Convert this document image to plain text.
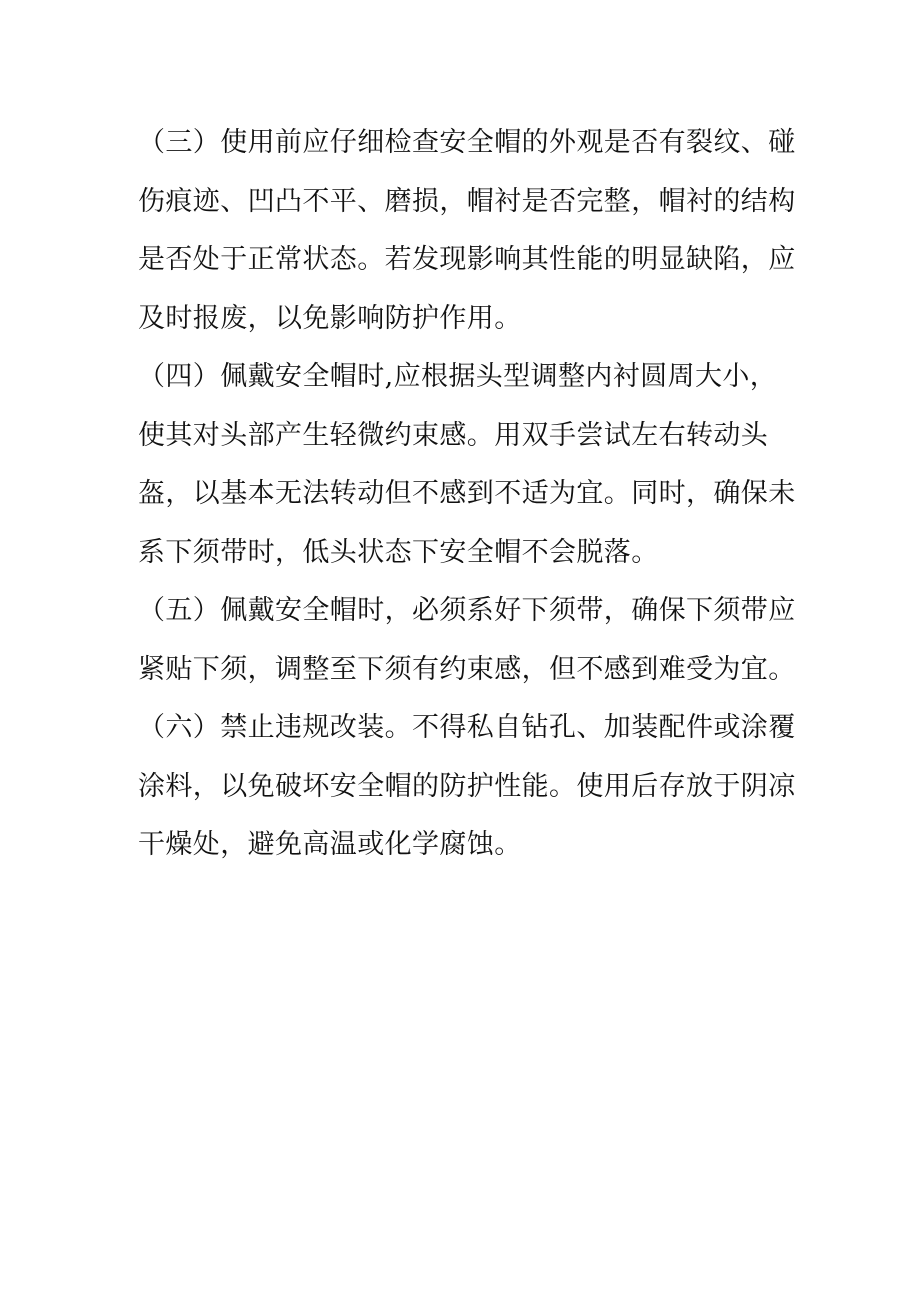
（三）使用前应仔细检查安全帽的外观是否有裂纹、碰
伤痕迹、凹凸不平、磨损，帽衬是否完整，帽衬的结构
是否处于正常状态。若发现影响其性能的明显缺陷，应
及时报废，以免影响防护作用。

（四）佩戴安全帽时,应根据头型调整内衬圆周大小，
使其对头部产生轻微约束感。用双手尝试左右转动头
盔，以基本无法转动但不感到不适为宜。同时，确保未
系下须带时，低头状态下安全帽不会脱落。

（五）佩戴安全帽时，必须系好下须带，确保下须带应
紧贴下须，调整至下须有约束感，但不感到难受为宜。

（六）禁止违规改装。不得私自钻孔、加装配件或涂覆
涂料，以免破坏安全帽的防护性能。使用后存放于阴凉
干燥处，避免高温或化学腐蚀。
